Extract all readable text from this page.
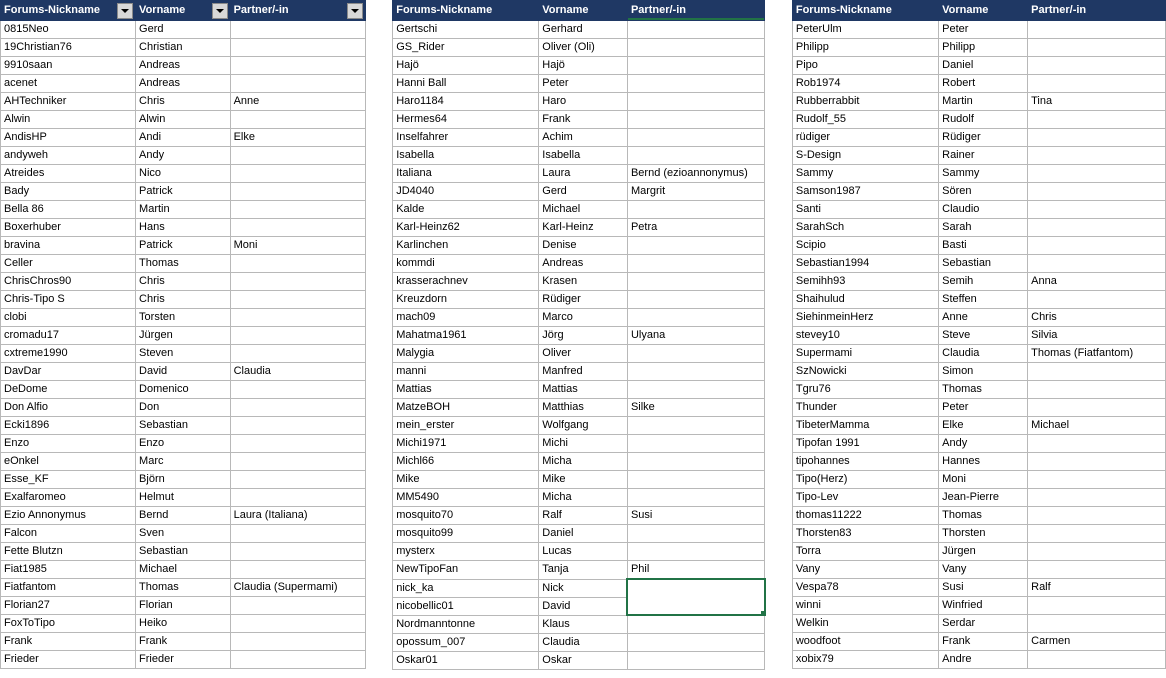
Forums-Nickname	Vorname	Partner/-in

0815Neo	Gerd	
19Christian76	Christian	
9910saan	Andreas	
acenet	Andreas	
AHTechniker	Chris	Anne
Alwin	Alwin	
AndisHP	Andi	Elke
andyweh	Andy	
Atreides	Nico	
Bady	Patrick	
Bella 86	Martin	
Boxerhuber	Hans	
bravina	Patrick	Moni
Celler	Thomas	
ChrisChros90	Chris	
Chris-Tipo S	Chris	
clobi	Torsten	
cromadu17	Jürgen	
cxtreme1990	Steven	
DavDar	David	Claudia
DeDome	Domenico	
Don Alfio	Don	
Ecki1896	Sebastian	
Enzo	Enzo	
eOnkel	Marc	
Esse_KF	Björn	
Exalfaromeo	Helmut	
Ezio Annonymus	Bernd	Laura (Italiana)
Falcon	Sven	
Fette Blutzn	Sebastian	
Fiat1985	Michael	
Fiatfantom	Thomas	Claudia (Supermami)
Florian27	Florian	
FoxToTipo	Heiko	
Frank	Frank	
Frieder	Frieder	
Forums-Nickname	Vorname	Partner/-in
Gertschi	Gerhard	
GS_Rider	Oliver (Oli)	
Hajö	Hajö	
Hanni Ball	Peter	
Haro1184	Haro	
Hermes64	Frank	
Inselfahrer	Achim	
Isabella	Isabella	
Italiana	Laura	Bernd (ezioannonymus)
JD4040	Gerd	Margrit
Kalde	Michael	
Karl-Heinz62	Karl-Heinz	Petra
Karlinchen	Denise	
kommdi	Andreas	
krasserachnev	Krasen	
Kreuzdorn	Rüdiger	
mach09	Marco	
Mahatma1961	Jörg	Ulyana
Malygia	Oliver	
manni	Manfred	
Mattias	Mattias	
MatzeBOH	Matthias	Silke
mein_erster	Wolfgang	
Michi1971	Michi	
Michl66	Micha	
Mike	Mike	
MM5490	Micha	
mosquito70	Ralf	Susi
mosquito99	Daniel	
mysterx	Lucas	
NewTipoFan	Tanja	Phil
nick_ka	Nick	
nicobellic01	David	
Nordmanntonne	Klaus	
opossum_007	Claudia	
Oskar01	Oskar	
Forums-Nickname	Vorname	Partner/-in
PeterUlm	Peter	
Philipp	Philipp	
Pipo	Daniel	
Rob1974	Robert	
Rubberrabbit	Martin	Tina
Rudolf_55	Rudolf	
rüdiger	Rüdiger	
S-Design	Rainer	
Sammy	Sammy	
Samson1987	Sören	
Santi	Claudio	
SarahSch	Sarah	
Scipio	Basti	
Sebastian1994	Sebastian	
Semihh93	Semih	Anna
Shaihulud	Steffen	
SiehinmeinHerz	Anne	Chris
stevey10	Steve	Silvia
Supermami	Claudia	Thomas (Fiatfantom)
SzNowicki	Simon	
Tgru76	Thomas	
Thunder	Peter	
TibeterMamma	Elke	Michael
Tipofan 1991	Andy	
tipohannes	Hannes	
Tipo(Herz)	Moni	
Tipo-Lev	Jean-Pierre	
thomas11222	Thomas	
Thorsten83	Thorsten	
Torra	Jürgen	
Vany	Vany	
Vespa78	Susi	Ralf
winni	Winfried	
Welkin	Serdar	
woodfoot	Frank	Carmen
xobix79	Andre	
